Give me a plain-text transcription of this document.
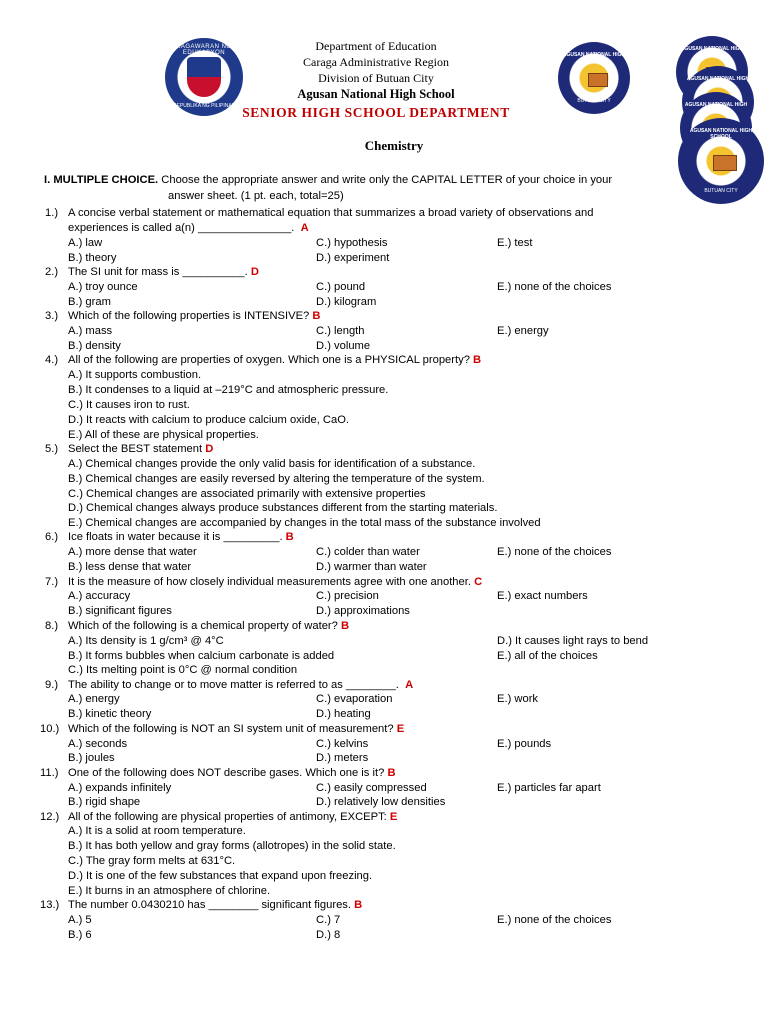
KAGAWARAN NG EDUKASYON
REPUBLIKA NG PILIPINAS
AGUSAN NATIONAL HIGH SCHOOL
BUTUAN CITY
AGUSAN NATIONAL HIGH SCHOOL
AGUSAN NATIONAL HIGH SCHOOL
AGUSAN NATIONAL HIGH SCHOOL
AGUSAN NATIONAL HIGH SCHOOL
BUTUAN CITY
Department of Education
Caraga Administrative Region
Division of Butuan City
Agusan National High School
SENIOR HIGH SCHOOL DEPARTMENT
Chemistry
I. MULTIPLE CHOICE. Choose the appropriate answer and write only the CAPITAL LETTER of your choice in your
answer sheet. (1 pt. each, total=25)
1.) A concise verbal statement or mathematical equation that summarizes a broad variety of observations and
experiences is called a(n) _______________. A
A.) law	C.) hypothesis	E.) test
B.) theory	D.) experiment
2.) The SI unit for mass is __________. D
A.) troy ounce	C.) pound	E.) none of the choices
B.) gram	D.) kilogram
3.) Which of the following properties is INTENSIVE? B
A.) mass	C.) length	E.) energy
B.) density	D.) volume
4.) All of the following are properties of oxygen. Which one is a PHYSICAL property? B
A.) It supports combustion.
B.) It condenses to a liquid at –219°C and atmospheric pressure.
C.) It causes iron to rust.
D.) It reacts with calcium to produce calcium oxide, CaO.
E.) All of these are physical properties.
5.) Select the BEST statement D
A.) Chemical changes provide the only valid basis for identification of a substance.
B.) Chemical changes are easily reversed by altering the temperature of the system.
C.) Chemical changes are associated primarily with extensive properties
D.) Chemical changes always produce substances different from the starting materials.
E.) Chemical changes are accompanied by changes in the total mass of the substance involved
6.) Ice floats in water because it is _________. B
A.) more dense that water	C.) colder than water	E.) none of the choices
B.) less dense that water	D.) warmer than water
7.) It is the measure of how closely individual measurements agree with one another. C
A.) accuracy	C.) precision	E.) exact numbers
B.) significant figures	D.) approximations
8.) Which of the following is a chemical property of water? B
A.) Its density is 1 g/cm³ @ 4°C	D.) It causes light rays to bend
B.) It forms bubbles when calcium carbonate is added	E.) all of the choices
C.) Its melting point is 0°C @ normal condition
9.) The ability to change or to move matter is referred to as ________. A
A.) energy	C.) evaporation	E.) work
B.) kinetic theory	D.) heating
10.) Which of the following is NOT an SI system unit of measurement? E
A.) seconds	C.) kelvins	E.) pounds
B.) joules	D.) meters
11.) One of the following does NOT describe gases. Which one is it? B
A.) expands infinitely	C.) easily compressed	E.) particles far apart
B.) rigid shape	D.) relatively low densities
12.) All of the following are physical properties of antimony, EXCEPT: E
A.) It is a solid at room temperature.
B.) It has both yellow and gray forms (allotropes) in the solid state.
C.) The gray form melts at 631°C.
D.) It is one of the few substances that expand upon freezing.
E.) It burns in an atmosphere of chlorine.
13.) The number 0.0430210 has ________ significant figures. B
A.) 5	C.) 7	E.) none of the choices
B.) 6	D.) 8
